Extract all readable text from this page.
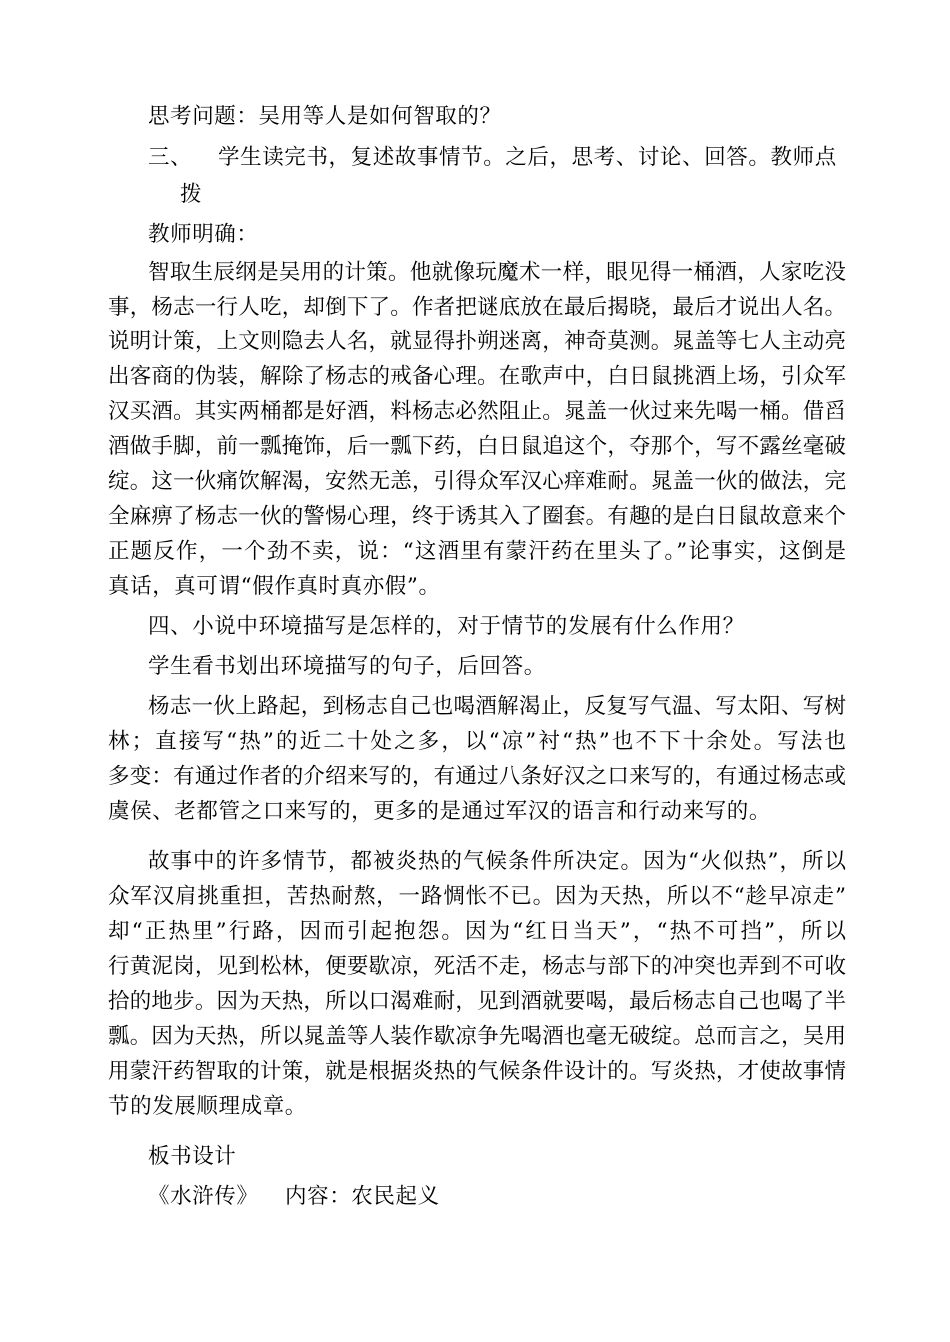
思考问题：吴用等人是如何智取的？
三、 学生读完书，复述故事情节。之后，思考、讨论、回答。教师点
拨
教师明确：
智取生辰纲是吴用的计策。他就像玩魔术一样，眼见得一桶酒，人家吃没
事，杨志一行人吃，却倒下了。作者把谜底放在最后揭晓，最后才说出人名。
说明计策，上文则隐去人名，就显得扑朔迷离，神奇莫测。晁盖等七人主动亮
出客商的伪装，解除了杨志的戒备心理。在歌声中，白日鼠挑酒上场，引众军
汉买酒。其实两桶都是好酒，料杨志必然阻止。晁盖一伙过来先喝一桶。借舀
酒做手脚，前一瓢掩饰，后一瓢下药，白日鼠追这个，夺那个，写不露丝毫破
绽。这一伙痛饮解渴，安然无恙，引得众军汉心痒难耐。晁盖一伙的做法，完
全麻痹了杨志一伙的警惕心理，终于诱其入了圈套。有趣的是白日鼠故意来个
正题反作，一个劲不卖，说：“这酒里有蒙汗药在里头了。”论事实，这倒是
真话，真可谓“假作真时真亦假”。
四、小说中环境描写是怎样的，对于情节的发展有什么作用？
学生看书划出环境描写的句子，后回答。
杨志一伙上路起，到杨志自己也喝酒解渴止，反复写气温、写太阳、写树
林；直接写“热”的近二十处之多，以“凉”衬“热”也不下十余处。写法也
多变：有通过作者的介绍来写的，有通过八条好汉之口来写的，有通过杨志或
虞侯、老都管之口来写的，更多的是通过军汉的语言和行动来写的。
故事中的许多情节，都被炎热的气候条件所决定。因为“火似热”，所以
众军汉肩挑重担，苦热耐熬，一路惆怅不已。因为天热，所以不“趁早凉走”
却“正热里”行路，因而引起抱怨。因为“红日当天”，“热不可挡”，所以
行黄泥岗，见到松林，便要歇凉，死活不走，杨志与部下的冲突也弄到不可收
拾的地步。因为天热，所以口渴难耐，见到酒就要喝，最后杨志自己也喝了半
瓢。因为天热，所以晁盖等人装作歇凉争先喝酒也毫无破绽。总而言之，吴用
用蒙汗药智取的计策，就是根据炎热的气候条件设计的。写炎热，才使故事情
节的发展顺理成章。
板书设计
《水浒传》 内容：农民起义
